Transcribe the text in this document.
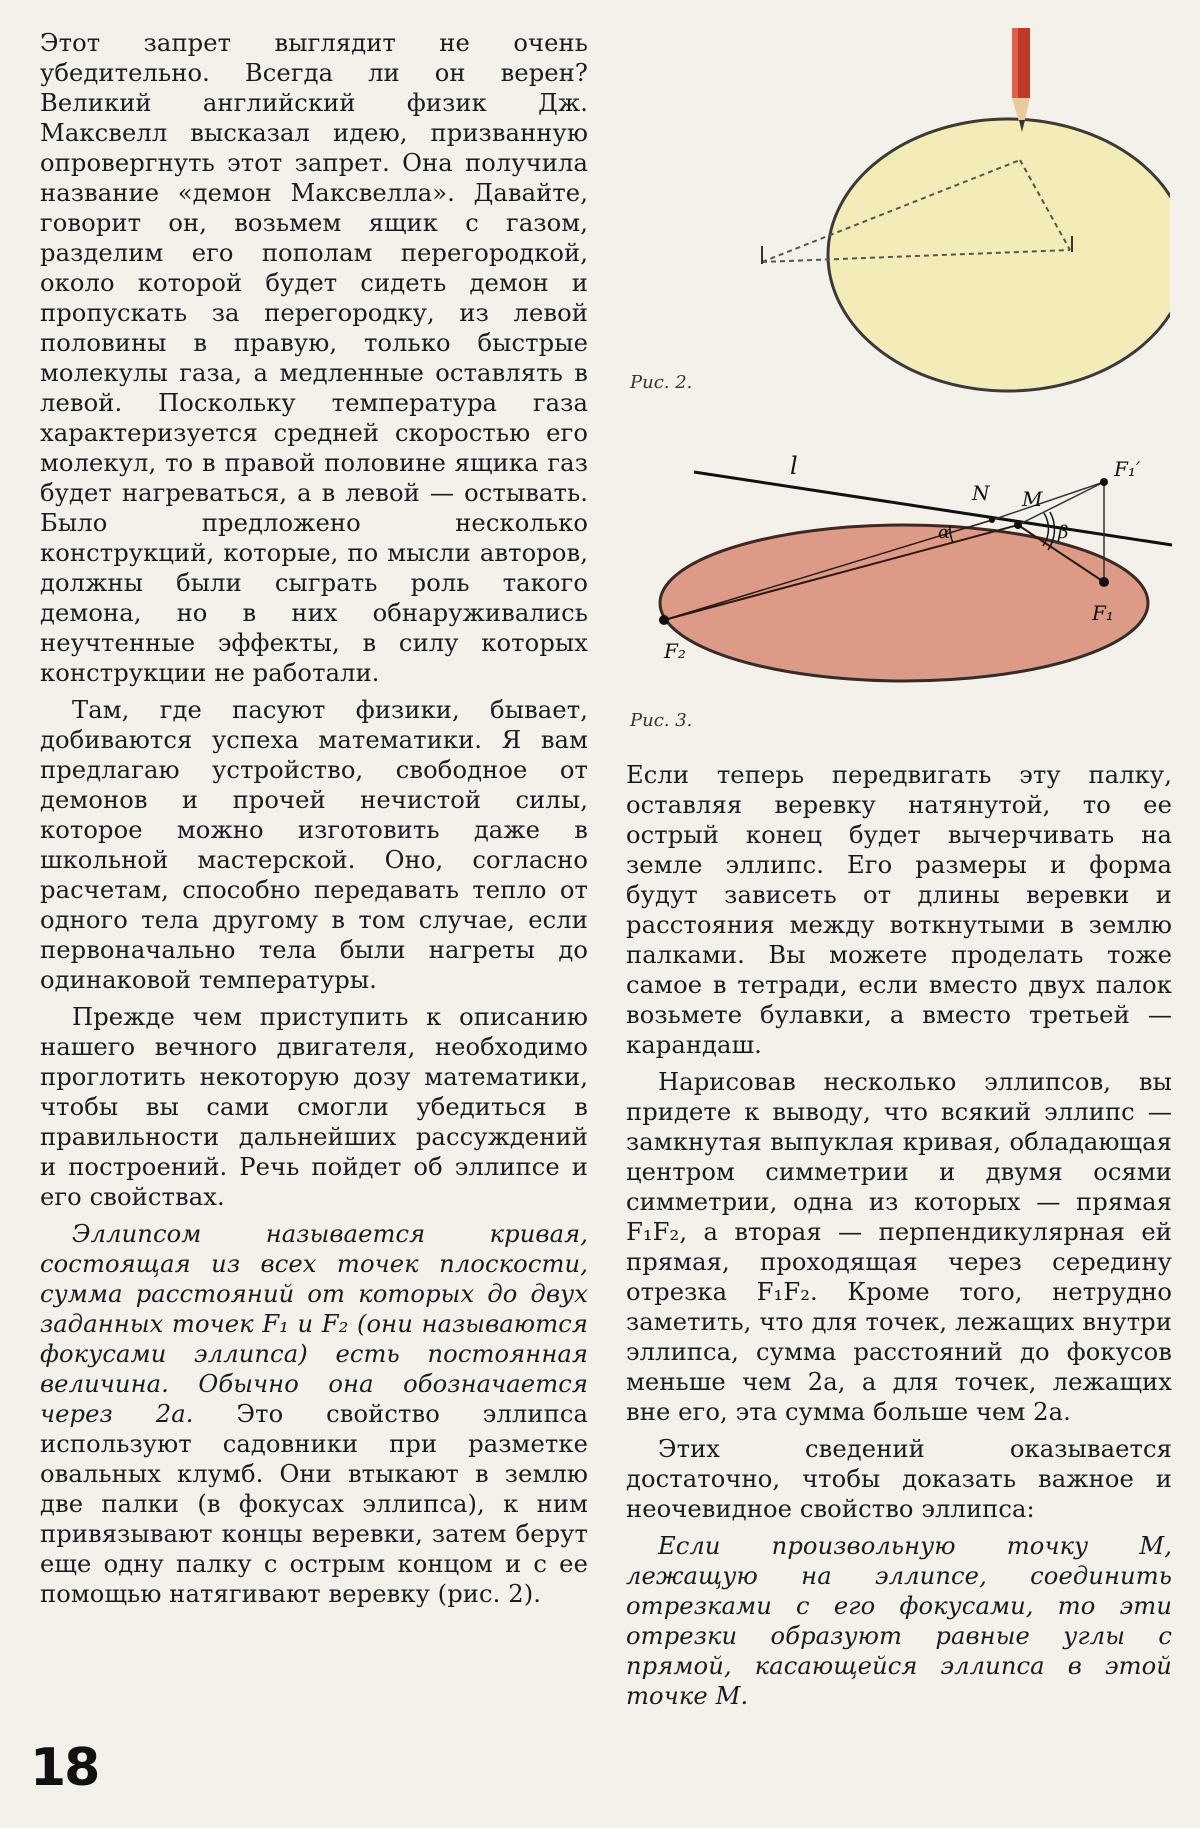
Этот запрет выглядит не очень убедительно. Всегда ли он верен? Великий английский физик Дж. Максвелл высказал идею, призванную опровергнуть этот запрет. Она получила название «демон Максвелла». Давайте, говорит он, возьмем ящик с газом, разделим его пополам перегородкой, около которой будет сидеть демон и пропускать за перегородку, из левой половины в правую, только быстрые молекулы газа, а медленные оставлять в левой. Поскольку температура газа характеризуется средней скоростью его молекул, то в правой половине ящика газ будет нагреваться, а в левой — остывать. Было предложено несколько конструкций, которые, по мысли авторов, должны были сыграть роль такого демона, но в них обнаруживались неучтенные эффекты, в силу которых конструкции не работали.

Там, где пасуют физики, бывает, добиваются успеха математики. Я вам предлагаю устройство, свободное от демонов и прочей нечистой силы, которое можно изготовить даже в школьной мастерской. Оно, согласно расчетам, способно передавать тепло от одного тела другому в том случае, если первоначально тела были нагреты до одинаковой температуры.

Прежде чем приступить к описанию нашего вечного двигателя, необходимо проглотить некоторую дозу математики, чтобы вы сами смогли убедиться в правильности дальнейших рассуждений и построений. Речь пойдет об эллипсе и его свойствах.

Эллипсом называется кривая, состоящая из всех точек плоскости, сумма расстояний от которых до двух заданных точек F₁ и F₂ (они называются фокусами эллипса) есть постоянная величина. Обычно она обозначается через 2a. Это свойство эллипса используют садовники при разметке овальных клумб. Они втыкают в землю две палки (в фокусах эллипса), к ним привязывают концы веревки, затем берут еще одну палку с острым концом и с ее помощью натягивают веревку (рис. 2).

Рис. 2.
l
N M
F₁′
F₁
F₂
α	β
Рис. 3.

Если теперь передвигать эту палку, оставляя веревку натянутой, то ее острый конец будет вычерчивать на земле эллипс. Его размеры и форма будут зависеть от длины веревки и расстояния между воткнутыми в землю палками. Вы можете проделать тоже самое в тетради, если вместо двух палок возьмете булавки, а вместо третьей — карандаш.

Нарисовав несколько эллипсов, вы придете к выводу, что всякий эллипс — замкнутая выпуклая кривая, обладающая центром симметрии и двумя осями симметрии, одна из которых — прямая F₁F₂, а вторая — перпендикулярная ей прямая, проходящая через середину отрезка F₁F₂. Кроме того, нетрудно заметить, что для точек, лежащих внутри эллипса, сумма расстояний до фокусов меньше чем 2a, а для точек, лежащих вне его, эта сумма больше чем 2a.

Этих сведений оказывается достаточно, чтобы доказать важное и неочевидное свойство эллипса:

Если произвольную точку M, лежащую на эллипсе, соединить отрезками с его фокусами, то эти отрезки образуют равные углы с прямой, касающейся эллипса в этой точке M.

18
